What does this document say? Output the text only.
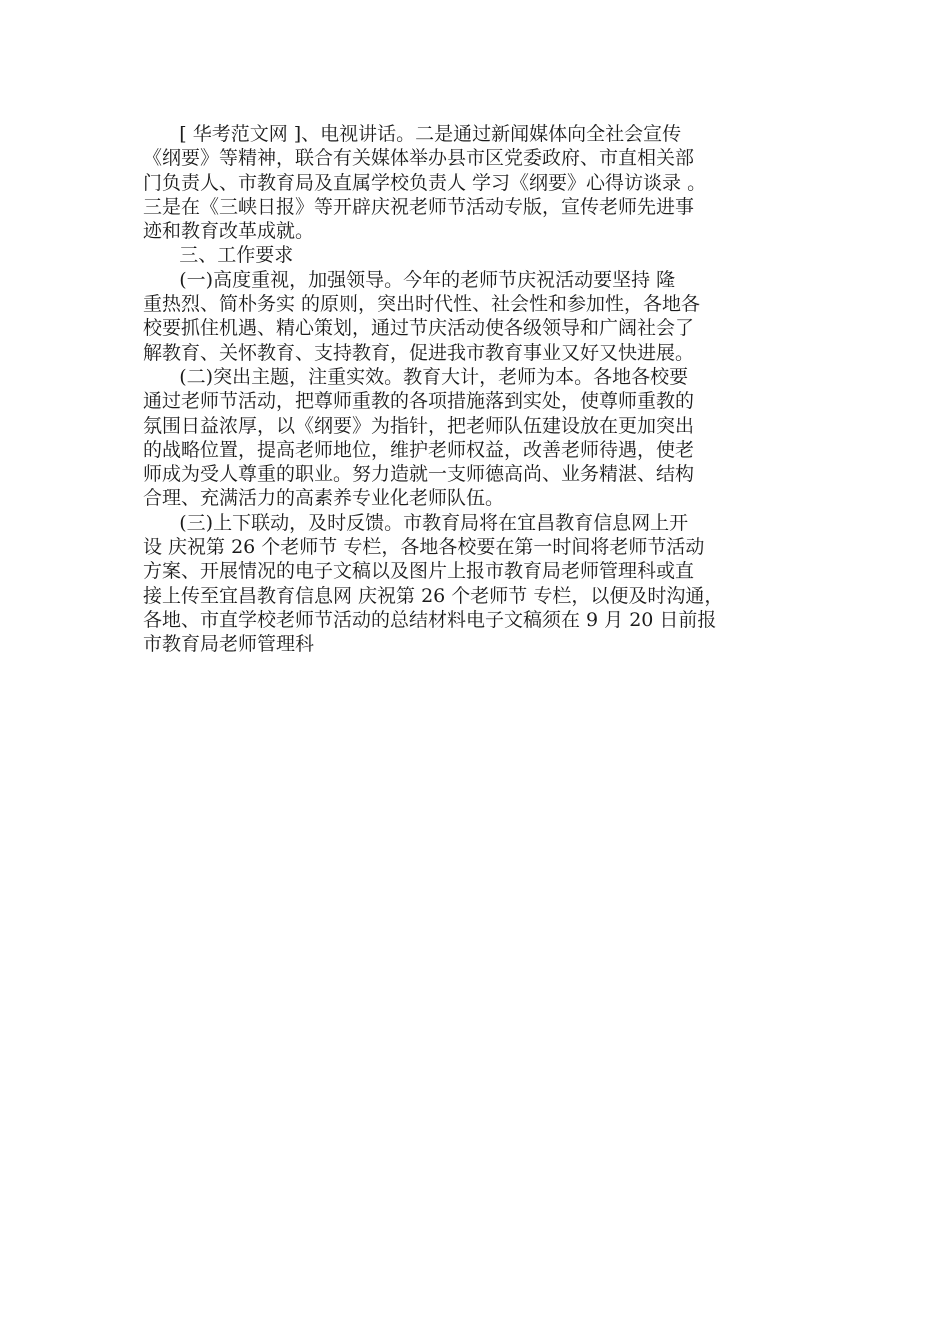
[ 华考范文网 ]、电视讲话。二是通过新闻媒体向全社会宣传
《纲要》等精神，联合有关媒体举办县市区党委政府、市直相关部
门负责人、市教育局及直属学校负责人 学习《纲要》心得访谈录 。
三是在《三峡日报》等开辟庆祝老师节活动专版，宣传老师先进事
迹和教育改革成就。
三、工作要求
(一)高度重视，加强领导。今年的老师节庆祝活动要坚持 隆
重热烈、简朴务实 的原则，突出时代性、社会性和参加性，各地各
校要抓住机遇、精心策划，通过节庆活动使各级领导和广阔社会了
解教育、关怀教育、支持教育，促进我市教育事业又好又快进展。
(二)突出主题，注重实效。教育大计，老师为本。各地各校要
通过老师节活动，把尊师重教的各项措施落到实处，使尊师重教的
氛围日益浓厚，以《纲要》为指针，把老师队伍建设放在更加突出
的战略位置，提高老师地位，维护老师权益，改善老师待遇，使老
师成为受人尊重的职业。努力造就一支师德高尚、业务精湛、结构
合理、充满活力的高素养专业化老师队伍。
(三)上下联动，及时反馈。市教育局将在宜昌教育信息网上开
设 庆祝第 26 个老师节 专栏，各地各校要在第一时间将老师节活动
方案、开展情况的电子文稿以及图片上报市教育局老师管理科或直
接上传至宜昌教育信息网 庆祝第 26 个老师节 专栏，以便及时沟通，
各地、市直学校老师节活动的总结材料电子文稿须在 9 月 20 日前报
市教育局老师管理科
